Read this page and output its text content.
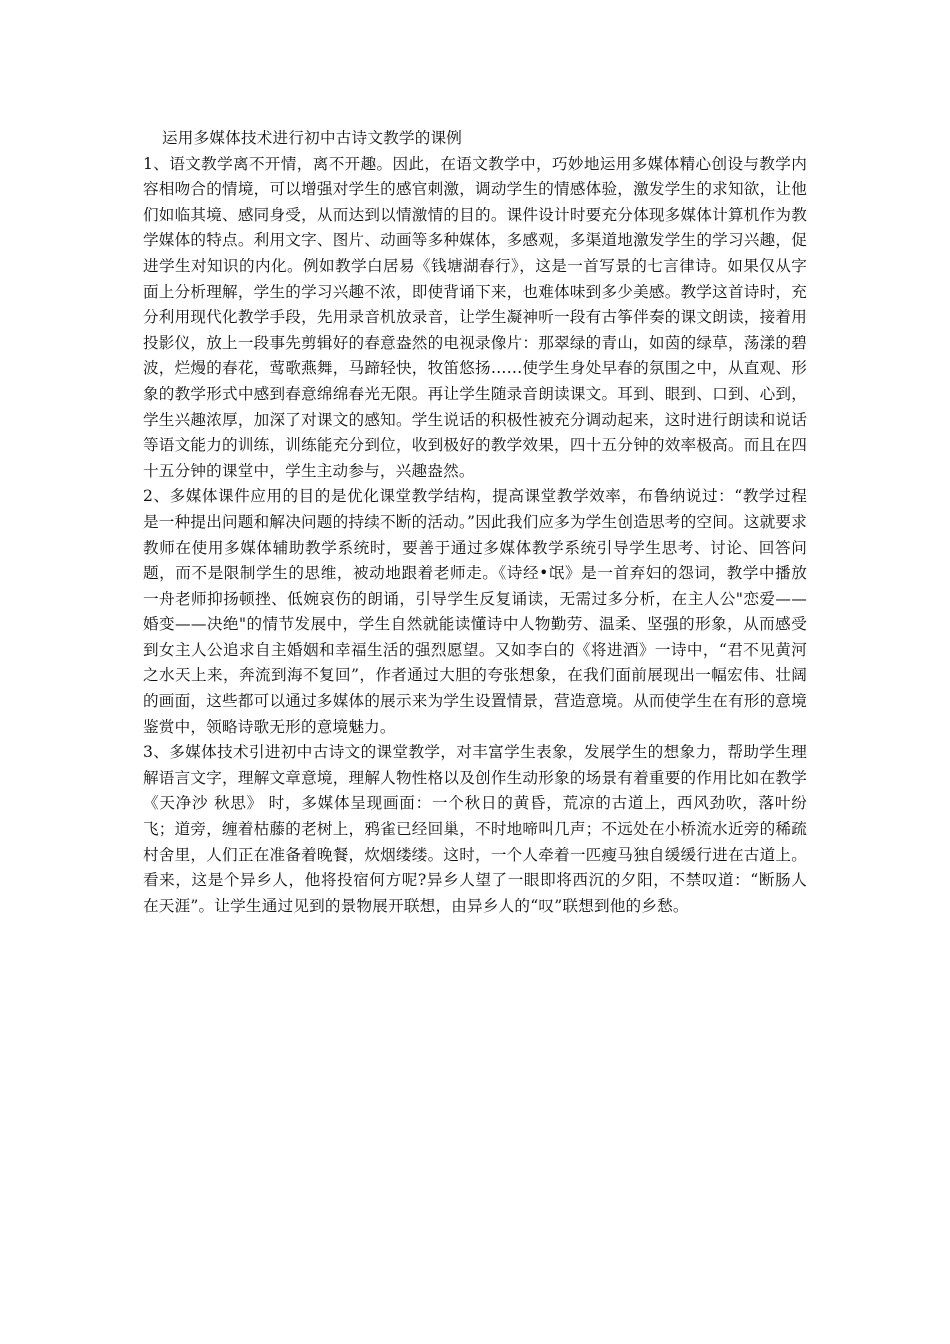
运用多媒体技术进行初中古诗文教学的课例

1、语文教学离不开情，离不开趣。因此，在语文教学中，巧妙地运用多媒体精心创设与教学内容相吻合的情境，可以增强对学生的感官刺激，调动学生的情感体验，激发学生的求知欲，让他们如临其境、感同身受，从而达到以情激情的目的。课件设计时要充分体现多媒体计算机作为教学媒体的特点。利用文字、图片、动画等多种媒体，多感观，多渠道地激发学生的学习兴趣，促进学生对知识的内化。例如教学白居易《钱塘湖春行》，这是一首写景的七言律诗。如果仅从字面上分析理解，学生的学习兴趣不浓，即使背诵下来，也难体味到多少美感。教学这首诗时，充分利用现代化教学手段，先用录音机放录音，让学生凝神听一段有古筝伴奏的课文朗读，接着用投影仪，放上一段事先剪辑好的春意盎然的电视录像片：那翠绿的青山，如茵的绿草，荡漾的碧波，烂熳的春花，莺歌燕舞，马蹄轻快，牧笛悠扬……使学生身处早春的氛围之中，从直观、形象的教学形式中感到春意绵绵春光无限。再让学生随录音朗读课文。耳到、眼到、口到、心到，学生兴趣浓厚，加深了对课文的感知。学生说话的积极性被充分调动起来，这时进行朗读和说话等语文能力的训练，训练能充分到位，收到极好的教学效果，四十五分钟的效率极高。而且在四十五分钟的课堂中，学生主动参与，兴趣盎然。

2、多媒体课件应用的目的是优化课堂教学结构，提高课堂教学效率，布鲁纳说过：“教学过程是一种提出问题和解决问题的持续不断的活动。”因此我们应多为学生创造思考的空间。这就要求教师在使用多媒体辅助教学系统时，要善于通过多媒体教学系统引导学生思考、讨论、回答问题，而不是限制学生的思维，被动地跟着老师走。《诗经•氓》是一首弃妇的怨词，教学中播放一舟老师抑扬顿挫、低婉哀伤的朗诵，引导学生反复诵读，无需过多分析，在主人公"恋爱——婚变——决绝"的情节发展中，学生自然就能读懂诗中人物勤劳、温柔、坚强的形象，从而感受到女主人公追求自主婚姻和幸福生活的强烈愿望。又如李白的《将进酒》一诗中，“君不见黄河之水天上来，奔流到海不复回”，作者通过大胆的夸张想象，在我们面前展现出一幅宏伟、壮阔的画面，这些都可以通过多媒体的展示来为学生设置情景，营造意境。从而使学生在有形的意境鉴赏中，领略诗歌无形的意境魅力。

3、多媒体技术引进初中古诗文的课堂教学，对丰富学生表象，发展学生的想象力，帮助学生理解语言文字，理解文章意境，理解人物性格以及创作生动形象的场景有着重要的作用比如在教学《天净沙 秋思》 时，多媒体呈现画面：一个秋日的黄昏，荒凉的古道上，西风劲吹，落叶纷飞；道旁，缠着枯藤的老树上，鸦雀已经回巢，不时地啼叫几声；不远处在小桥流水近旁的稀疏村舍里，人们正在准备着晚餐，炊烟缕缕。这时，一个人牵着一匹瘦马独自缓缓行进在古道上。看来，这是个异乡人，他将投宿何方呢?异乡人望了一眼即将西沉的夕阳，不禁叹道：“断肠人在天涯”。让学生通过见到的景物展开联想，由异乡人的“叹”联想到他的乡愁。
